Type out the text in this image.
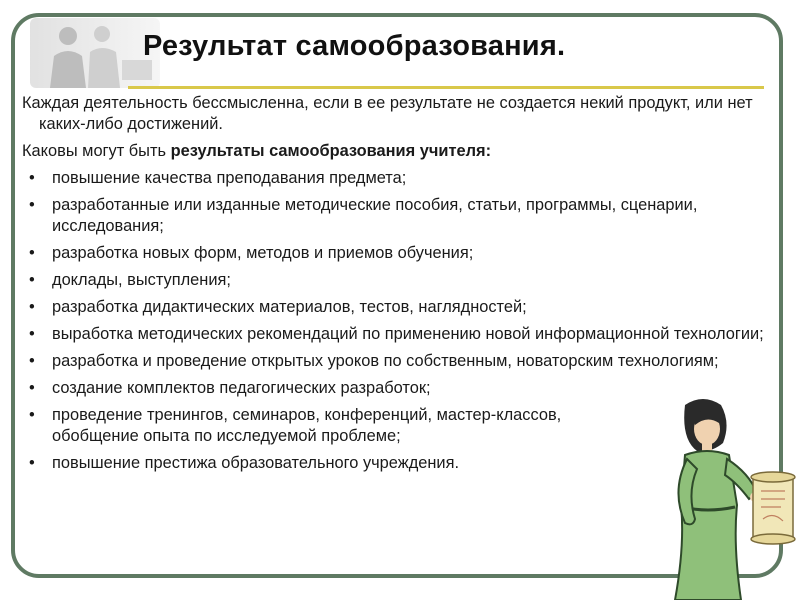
Результат самообразования.

Каждая деятельность бессмысленна, если в ее результате не создается некий продукт, или нет каких-либо достижений.

Каковы могут быть результаты самообразования учителя:

• повышение качества преподавания предмета;
• разработанные или изданные методические пособия, статьи, программы, сценарии, исследования;
• разработка новых форм, методов и приемов обучения;
• доклады, выступления;
• разработка дидактических материалов, тестов, наглядностей;
• выработка методических рекомендаций по применению новой информационной технологии;
• разработка и проведение открытых уроков по собственным, новаторским технологиям;
• создание комплектов педагогических разработок;
• проведение тренингов, семинаров, конференций, мастер-классов, обобщение опыта по исследуемой проблеме;
• повышение престижа образовательного учреждения.
